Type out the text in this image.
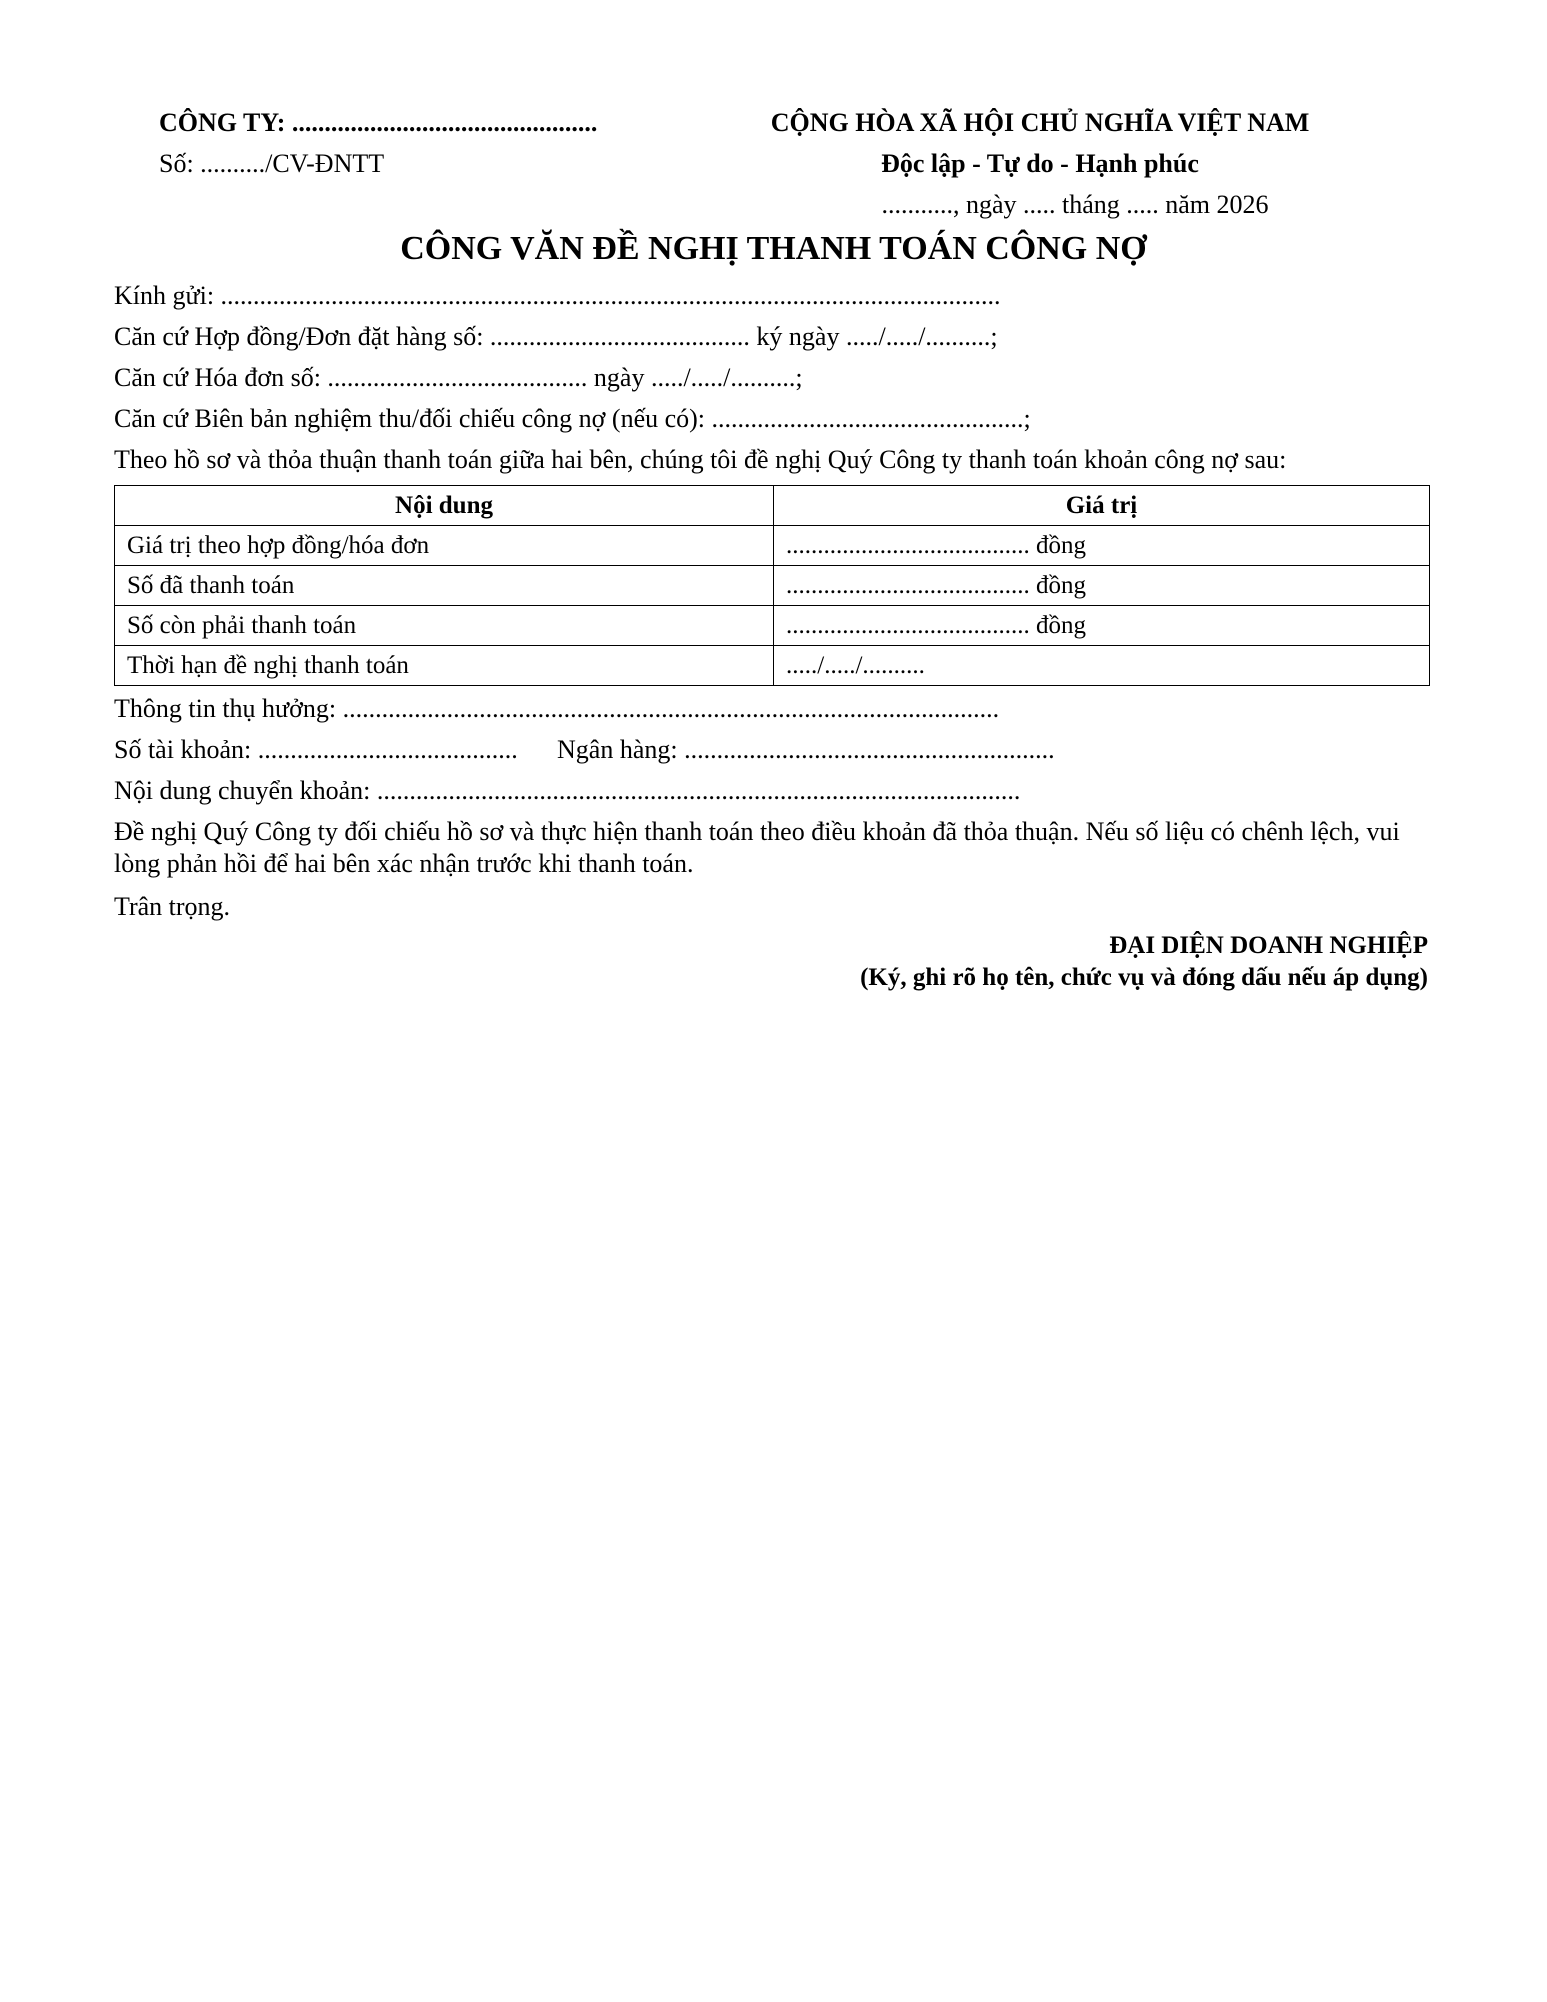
CÔNG TY: ...............................................
Số: ........../CV-ĐNTT
CỘNG HÒA XÃ HỘI CHỦ NGHĨA VIỆT NAM
Độc lập - Tự do - Hạnh phúc
..........., ngày ..... tháng ..... năm 2026
CÔNG VĂN ĐỀ NGHỊ THANH TOÁN CÔNG NỢ
Kính gửi: ........................................................................................................................
Căn cứ Hợp đồng/Đơn đặt hàng số: ........................................ ký ngày ...../...../..........;
Căn cứ Hóa đơn số: ........................................ ngày ...../...../..........;
Căn cứ Biên bản nghiệm thu/đối chiếu công nợ (nếu có): ................................................;
Theo hồ sơ và thỏa thuận thanh toán giữa hai bên, chúng tôi đề nghị Quý Công ty thanh toán khoản công nợ sau:
Nội dung	Giá trị
Giá trị theo hợp đồng/hóa đơn	....................................... đồng
Số đã thanh toán	....................................... đồng
Số còn phải thanh toán	....................................... đồng
Thời hạn đề nghị thanh toán	...../...../..........
Thông tin thụ hưởng: .....................................................................................................
Số tài khoản: ........................................ Ngân hàng: .........................................................
Nội dung chuyển khoản: ...................................................................................................
Đề nghị Quý Công ty đối chiếu hồ sơ và thực hiện thanh toán theo điều khoản đã thỏa thuận. Nếu số liệu có chênh lệch, vui lòng phản hồi để hai bên xác nhận trước khi thanh toán.
Trân trọng.
ĐẠI DIỆN DOANH NGHIỆP
(Ký, ghi rõ họ tên, chức vụ và đóng dấu nếu áp dụng)
